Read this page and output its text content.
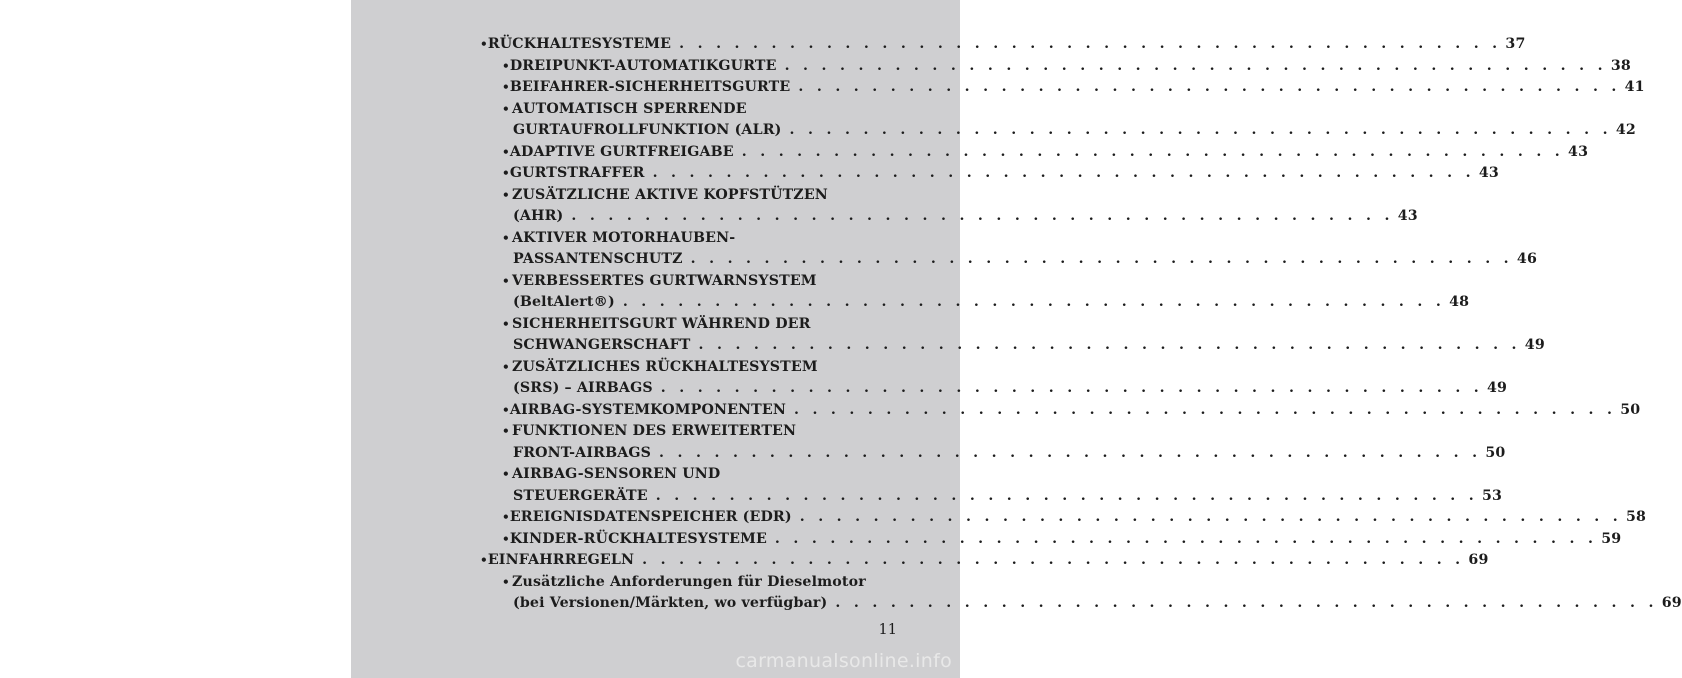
• RÜCKHALTESYSTEME . . . . . . . . . . . . . . . . . . . . . . . . . . . . . . . . . . . . . . . . . . . . . 37
• DREIPUNKT-AUTOMATIKGURTE . . . . . . . . . . . . . . . . . . . . . . . . . . . . . . . . . . . . . . . . . . . . . 38
• BEIFAHRER-SICHERHEITSGURTE . . . . . . . . . . . . . . . . . . . . . . . . . . . . . . . . . . . . . . . . . . . . . 41
• AUTOMATISCH SPERRENDE
GURTAUFROLLFUNKTION (ALR) . . . . . . . . . . . . . . . . . . . . . . . . . . . . . . . . . . . . . . . . . . . . . 42
• ADAPTIVE GURTFREIGABE . . . . . . . . . . . . . . . . . . . . . . . . . . . . . . . . . . . . . . . . . . . . . 43
• GURTSTRAFFER . . . . . . . . . . . . . . . . . . . . . . . . . . . . . . . . . . . . . . . . . . . . . 43
• ZUSÄTZLICHE AKTIVE KOPFSTÜTZEN
(AHR) . . . . . . . . . . . . . . . . . . . . . . . . . . . . . . . . . . . . . . . . . . . . . 43
• AKTIVER MOTORHAUBEN-
PASSANTENSCHUTZ . . . . . . . . . . . . . . . . . . . . . . . . . . . . . . . . . . . . . . . . . . . . . 46
• VERBESSERTES GURTWARNSYSTEM
(BeltAlert®) . . . . . . . . . . . . . . . . . . . . . . . . . . . . . . . . . . . . . . . . . . . . . 48
• SICHERHEITSGURT WÄHREND DER
SCHWANGERSCHAFT . . . . . . . . . . . . . . . . . . . . . . . . . . . . . . . . . . . . . . . . . . . . . 49
• ZUSÄTZLICHES RÜCKHALTESYSTEM
(SRS) – AIRBAGS . . . . . . . . . . . . . . . . . . . . . . . . . . . . . . . . . . . . . . . . . . . . . 49
• AIRBAG-SYSTEMKOMPONENTEN . . . . . . . . . . . . . . . . . . . . . . . . . . . . . . . . . . . . . . . . . . . . . 50
• FUNKTIONEN DES ERWEITERTEN
FRONT-AIRBAGS . . . . . . . . . . . . . . . . . . . . . . . . . . . . . . . . . . . . . . . . . . . . . 50
• AIRBAG-SENSOREN UND
STEUERGERÄTE . . . . . . . . . . . . . . . . . . . . . . . . . . . . . . . . . . . . . . . . . . . . . 53
• EREIGNISDATENSPEICHER (EDR) . . . . . . . . . . . . . . . . . . . . . . . . . . . . . . . . . . . . . . . . . . . . . 58
• KINDER-RÜCKHALTESYSTEME . . . . . . . . . . . . . . . . . . . . . . . . . . . . . . . . . . . . . . . . . . . . . 59
• EINFAHRREGELN . . . . . . . . . . . . . . . . . . . . . . . . . . . . . . . . . . . . . . . . . . . . . 69
• Zusätzliche Anforderungen für Dieselmotor
(bei Versionen/Märkten, wo verfügbar) . . . . . . . . . . . . . . . . . . . . . . . . . . . . . . . . . . . . . . . . . . . . . 69
11
carmanualsonline.info
